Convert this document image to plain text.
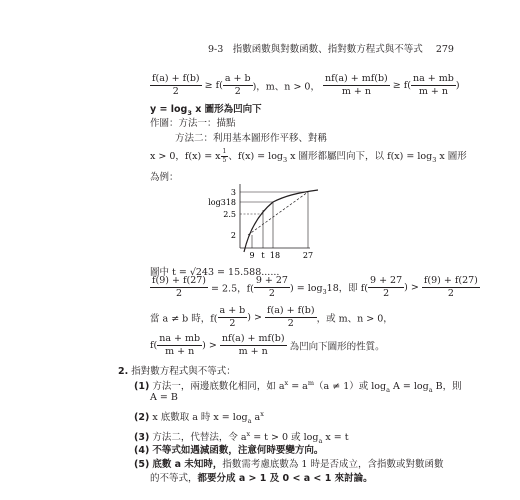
9-3　指數函數與對數函數、指對數方程式與不等式 279
$\frac{f(a) + f(b)}{2} \ge f( \frac{a + b}{2}$ )，m、n > 0， $\frac{nf(a) + mf(b)}{m + n} \ge f( \frac{na + mb}{m + n}$ )
$y = \log_3 x$ 圖形為凹向下
作圖：方法一：描點
方法二：利用基本圖形作平移、對稱
x > 0，f(x) = x $\frac{1}{5}$ 、$f(x) = \log_3 x$ 圖形都屬凹向下，以 $f(x) = \log_3 x$ 圖形
為例：
3
log318
2.5
2
9 t 18	27
圖中 t = √243 = 15.588......
$\frac{f(9) + f(27)}{2} = 2.5$，$f( \frac{9 + 27}{2}$ ) = $\log_318$，即 $f( \frac{9 + 27}{2}$ ) > $\frac{f(9) + f(27)}{2}$
當 a ≠ b 時，$f( \frac{a + b}{2}$ ) > $\frac{f(a) + f(b)}{2}$ ，或 m、n > 0，
$f( \frac{na + mb}{m + n}$ ) > $\frac{nf(a) + mf(b)}{m + n}$ 為凹向下圖形的性質。
2. 指對數方程式與不等式：
(1) 方法一，兩邊底數化相同，如 $a^x = a^m(a \ne 1)$或 $\log_a A = \log_a B$，則
A = B
(2) x 底數取 a 時 $x = \log_a a^x$
(3) 方法二，代替法，令 $a^x = t > 0$ 或 $\log_a x = t$
(4) 不等式如遇減函數，注意何時要變方向。
(5) 底數 a 未知時，指數需考慮底數為 1 時是否成立，含指數或對數函數
的不等式，都要分成 a > 1 及 0 < a < 1 來討論。
